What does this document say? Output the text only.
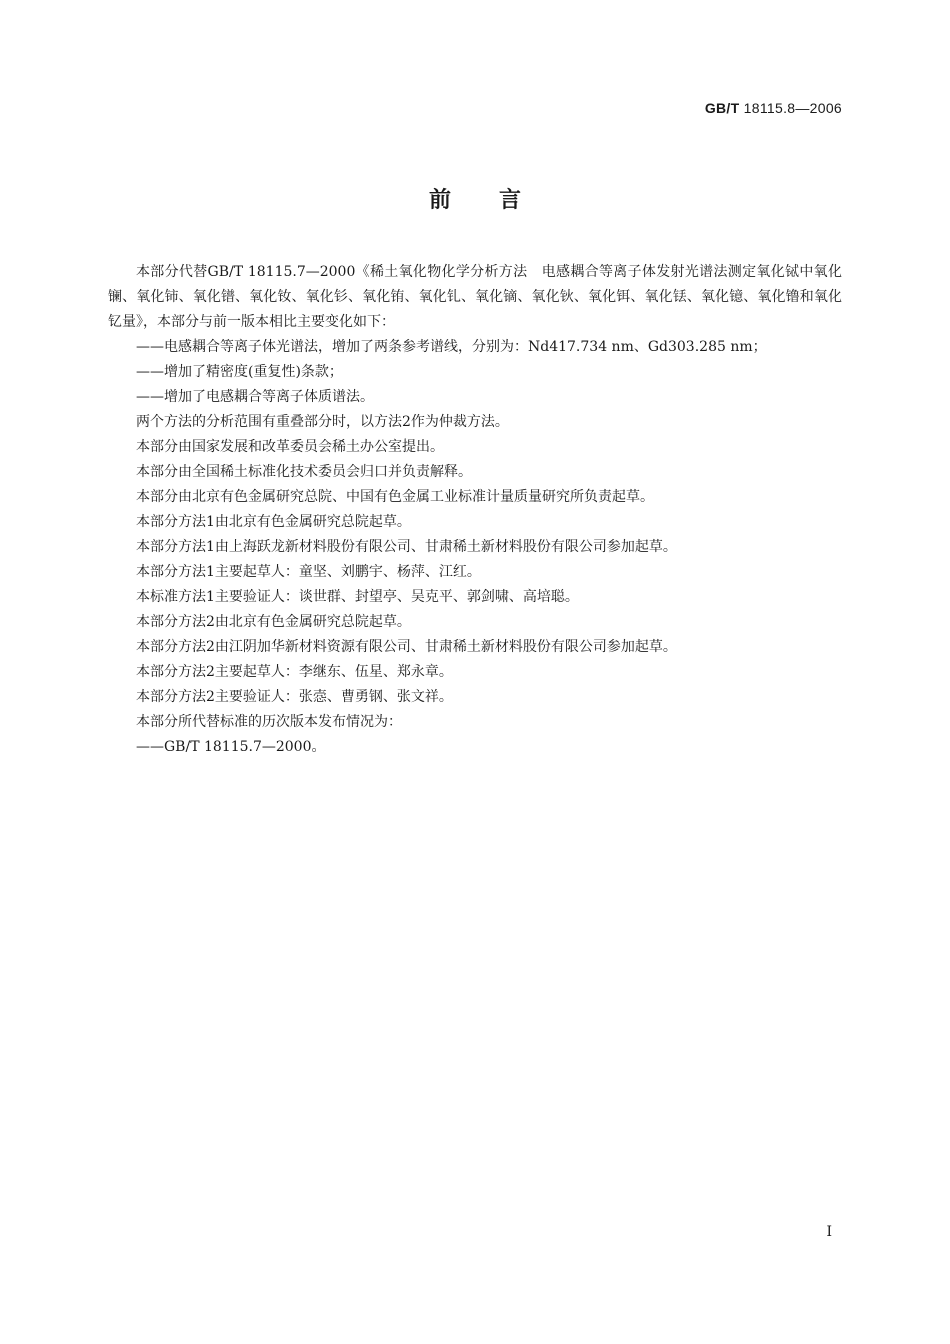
GB/T 18115.8—2006
前言

本部分代替GB/T 18115.7—2000《稀土氧化物化学分析方法　电感耦合等离子体发射光谱法测定氧化铽中氧化镧、氧化铈、氧化镨、氧化钕、氧化钐、氧化铕、氧化钆、氧化镝、氧化钬、氧化铒、氧化铥、氧化镱、氧化镥和氧化钇量》，本部分与前一版本相比主要变化如下：

——电感耦合等离子体光谱法，增加了两条参考谱线，分别为：Nd417.734 nm、Gd303.285 nm；

——增加了精密度(重复性)条款；

——增加了电感耦合等离子体质谱法。

两个方法的分析范围有重叠部分时，以方法2作为仲裁方法。

本部分由国家发展和改革委员会稀土办公室提出。

本部分由全国稀土标准化技术委员会归口并负责解释。

本部分由北京有色金属研究总院、中国有色金属工业标准计量质量研究所负责起草。

本部分方法1由北京有色金属研究总院起草。

本部分方法1由上海跃龙新材料股份有限公司、甘肃稀土新材料股份有限公司参加起草。

本部分方法1主要起草人：童坚、刘鹏宇、杨萍、江红。

本标准方法1主要验证人：谈世群、封望亭、吴克平、郭剑啸、高培聪。

本部分方法2由北京有色金属研究总院起草。

本部分方法2由江阴加华新材料资源有限公司、甘肃稀土新材料股份有限公司参加起草。

本部分方法2主要起草人：李继东、伍星、郑永章。

本部分方法2主要验证人：张悫、曹勇钢、张文祥。

本部分所代替标准的历次版本发布情况为：

——GB/T 18115.7—2000。

I
